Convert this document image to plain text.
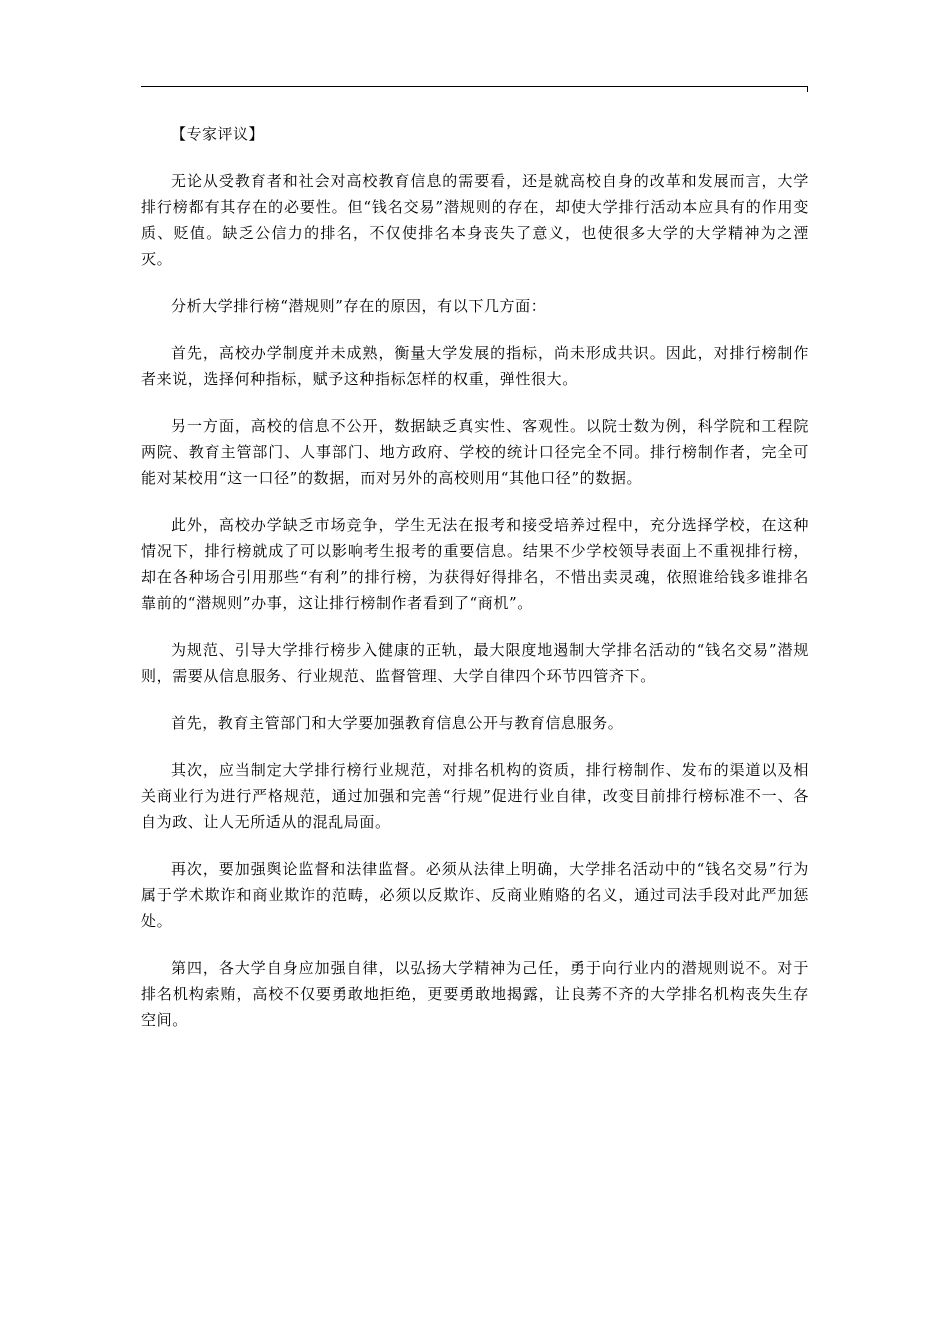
【专家评议】

无论从受教育者和社会对高校教育信息的需要看，还是就高校自身的改革和发展而言，大学排行榜都有其存在的必要性。但“钱名交易”潜规则的存在，却使大学排行活动本应具有的作用变质、贬值。缺乏公信力的排名，不仅使排名本身丧失了意义，也使很多大学的大学精神为之湮灭。

分析大学排行榜“潜规则”存在的原因，有以下几方面：

首先，高校办学制度并未成熟，衡量大学发展的指标，尚未形成共识。因此，对排行榜制作者来说，选择何种指标，赋予这种指标怎样的权重，弹性很大。

另一方面，高校的信息不公开，数据缺乏真实性、客观性。以院士数为例，科学院和工程院两院、教育主管部门、人事部门、地方政府、学校的统计口径完全不同。排行榜制作者，完全可能对某校用“这一口径”的数据，而对另外的高校则用“其他口径”的数据。

此外，高校办学缺乏市场竞争，学生无法在报考和接受培养过程中，充分选择学校，在这种情况下，排行榜就成了可以影响考生报考的重要信息。结果不少学校领导表面上不重视排行榜，却在各种场合引用那些“有利”的排行榜，为获得好得排名，不惜出卖灵魂，依照谁给钱多谁排名靠前的“潜规则”办事，这让排行榜制作者看到了“商机”。

为规范、引导大学排行榜步入健康的正轨，最大限度地遏制大学排名活动的“钱名交易”潜规则，需要从信息服务、行业规范、监督管理、大学自律四个环节四管齐下。

首先，教育主管部门和大学要加强教育信息公开与教育信息服务。

其次，应当制定大学排行榜行业规范，对排名机构的资质，排行榜制作、发布的渠道以及相关商业行为进行严格规范，通过加强和完善“行规”促进行业自律，改变目前排行榜标准不一、各自为政、让人无所适从的混乱局面。

再次，要加强舆论监督和法律监督。必须从法律上明确，大学排名活动中的“钱名交易”行为属于学术欺诈和商业欺诈的范畴，必须以反欺诈、反商业贿赂的名义，通过司法手段对此严加惩处。

第四，各大学自身应加强自律，以弘扬大学精神为己任，勇于向行业内的潜规则说不。对于排名机构索贿，高校不仅要勇敢地拒绝，更要勇敢地揭露，让良莠不齐的大学排名机构丧失生存空间。
